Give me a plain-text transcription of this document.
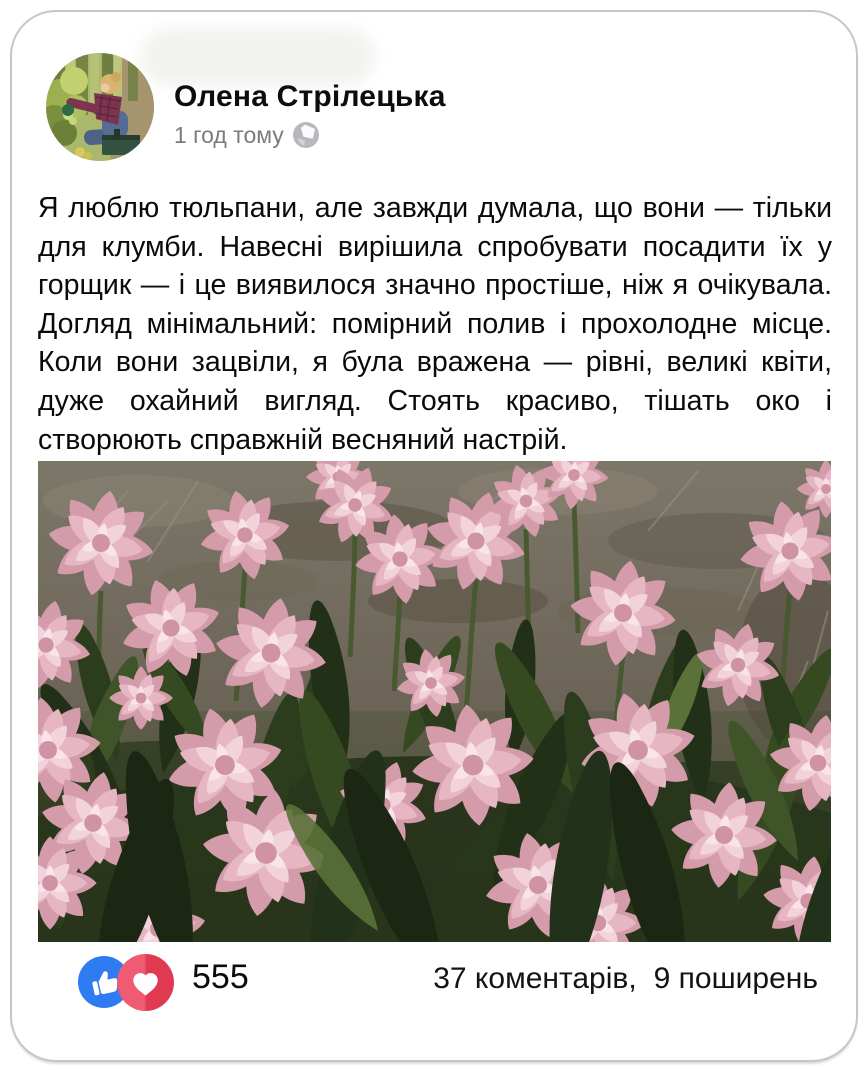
Олена Стрілецька
1 год тому
Я люблю тюльпани, але завжди думала, що вони — тільки для клумби. Навесні вирішила спробувати посадити їх у горщик — і це виявилося значно простіше, ніж я очікувала. Догляд мінімальний: помірний полив і прохолодне місце. Коли вони зацвіли, я була вражена — рівні, великі квіти, дуже охайний вигляд. Стоять красиво, тішать око і створюють справжній весняний настрій.
555	37 коментарів, 9 поширень
